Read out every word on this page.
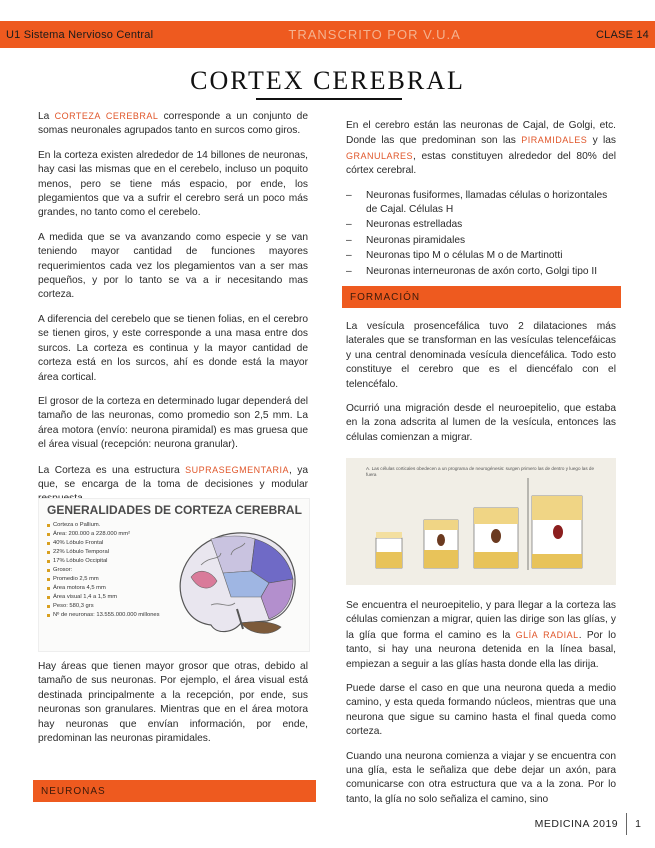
U1 Sistema Nervioso Central	TRANSCRITO POR V.U.A	CLASE 14
CORTEX CEREBRAL

La CORTEZA CEREBRAL corresponde a un conjunto de somas neuronales agrupados tanto en surcos como giros.

En la corteza existen alrededor de 14 billones de neuronas, hay casi las mismas que en el cerebelo, incluso un poquito menos, pero se tiene más espacio, por ende, los plegamientos que va a sufrir el cerebro será un poco más grandes, no tanto como el cerebelo.

A medida que se va avanzando como especie y se van teniendo mayor cantidad de funciones mayores requerimientos cada vez los plegamientos van a ser mas pequeños, y por lo tanto se va a ir necesitando mas corteza.

A diferencia del cerebelo que se tienen folias, en el cerebro se tienen giros, y este corresponde a una masa entre dos surcos. La corteza es continua y la mayor cantidad de corteza está en los surcos, ahí es donde está la mayor área cortical.

El grosor de la corteza en determinado lugar dependerá del tamaño de las neuronas, como promedio son 2,5 mm. La área motora (envío: neurona piramidal) es mas gruesa que el área visual (recepción: neurona granular).

La Corteza es una estructura SUPRASEGMENTARIA, ya que, se encarga de la toma de decisiones y modular

GENERALIDADES DE CORTEZA CEREBRAL
Corteza o Pallium.
Área: 200.000 a 228.000 mm²
40% Lóbulo Frontal
22% Lóbulo Temporal
17% Lóbulo Occipital
Grosor:
Promedio 2,5 mm
Área motora 4,5 mm
Área visual 1,4 a 1,5 mm
Peso: 580,3 grs
Nº de neuronas: 13.555.000.000 millones

Hay áreas que tienen mayor grosor que otras, debido al tamaño de sus neuronas. Por ejemplo, el área visual está destinada principalmente a la recepción, por ende, sus neuronas son granulares. Mientras que en el área motora hay neuronas que envían información, por ende, predominan las neuronas piramidales.

NEURONAS

En el cerebro están las neuronas de Cajal, de Golgi, etc. Donde las que predominan son las PIRAMIDALES y las GRANULARES, estas constituyen alrededor del 80% del córtex cerebral.

– Neuronas fusiformes, llamadas células o horizontales de Cajal. Células H
– Neuronas estrelladas
– Neuronas piramidales
– Neuronas tipo M o células M o de Martinotti
– Neuronas interneuronas de axón corto, Golgi tipo II
FORMACIÓN

La vesícula prosencefálica tuvo 2 dilataciones más laterales que se transforman en las vesículas telencefáicas y una central denominada vesícula diencefálica. Todo esto constituye el cerebro que es el diencéfalo con el telencéfalo.

Ocurrió una migración desde el neuroepitelio, que estaba en la zona adscrita al lumen de la vesícula, entonces las células comienzan a migrar.

A. Las células corticales obedecen a un programa de neurogénesis: surgen primero las de dentro y luego las de fuera

Se encuentra el neuroepitelio, y para llegar a la corteza las células comienzan a migrar, quien las dirige son las glías, y la glía que forma el camino es la GLÍA RADIAL. Por lo tanto, si hay una neurona detenida en la línea basal, empiezan a seguir a las glías hasta donde ella las dirija.

Puede darse el caso en que una neurona queda a medio camino, y esta queda formando núcleos, mientras que una neurona que sigue su camino hasta el final queda como corteza.

Cuando una neurona comienza a viajar y se encuentra con una glía, esta le señaliza que debe dejar un axón, para comunicarse con otra estructura que va a la zona. Por lo tanto, la glía no solo señaliza el camino, sino

MEDICINA 2019 1
